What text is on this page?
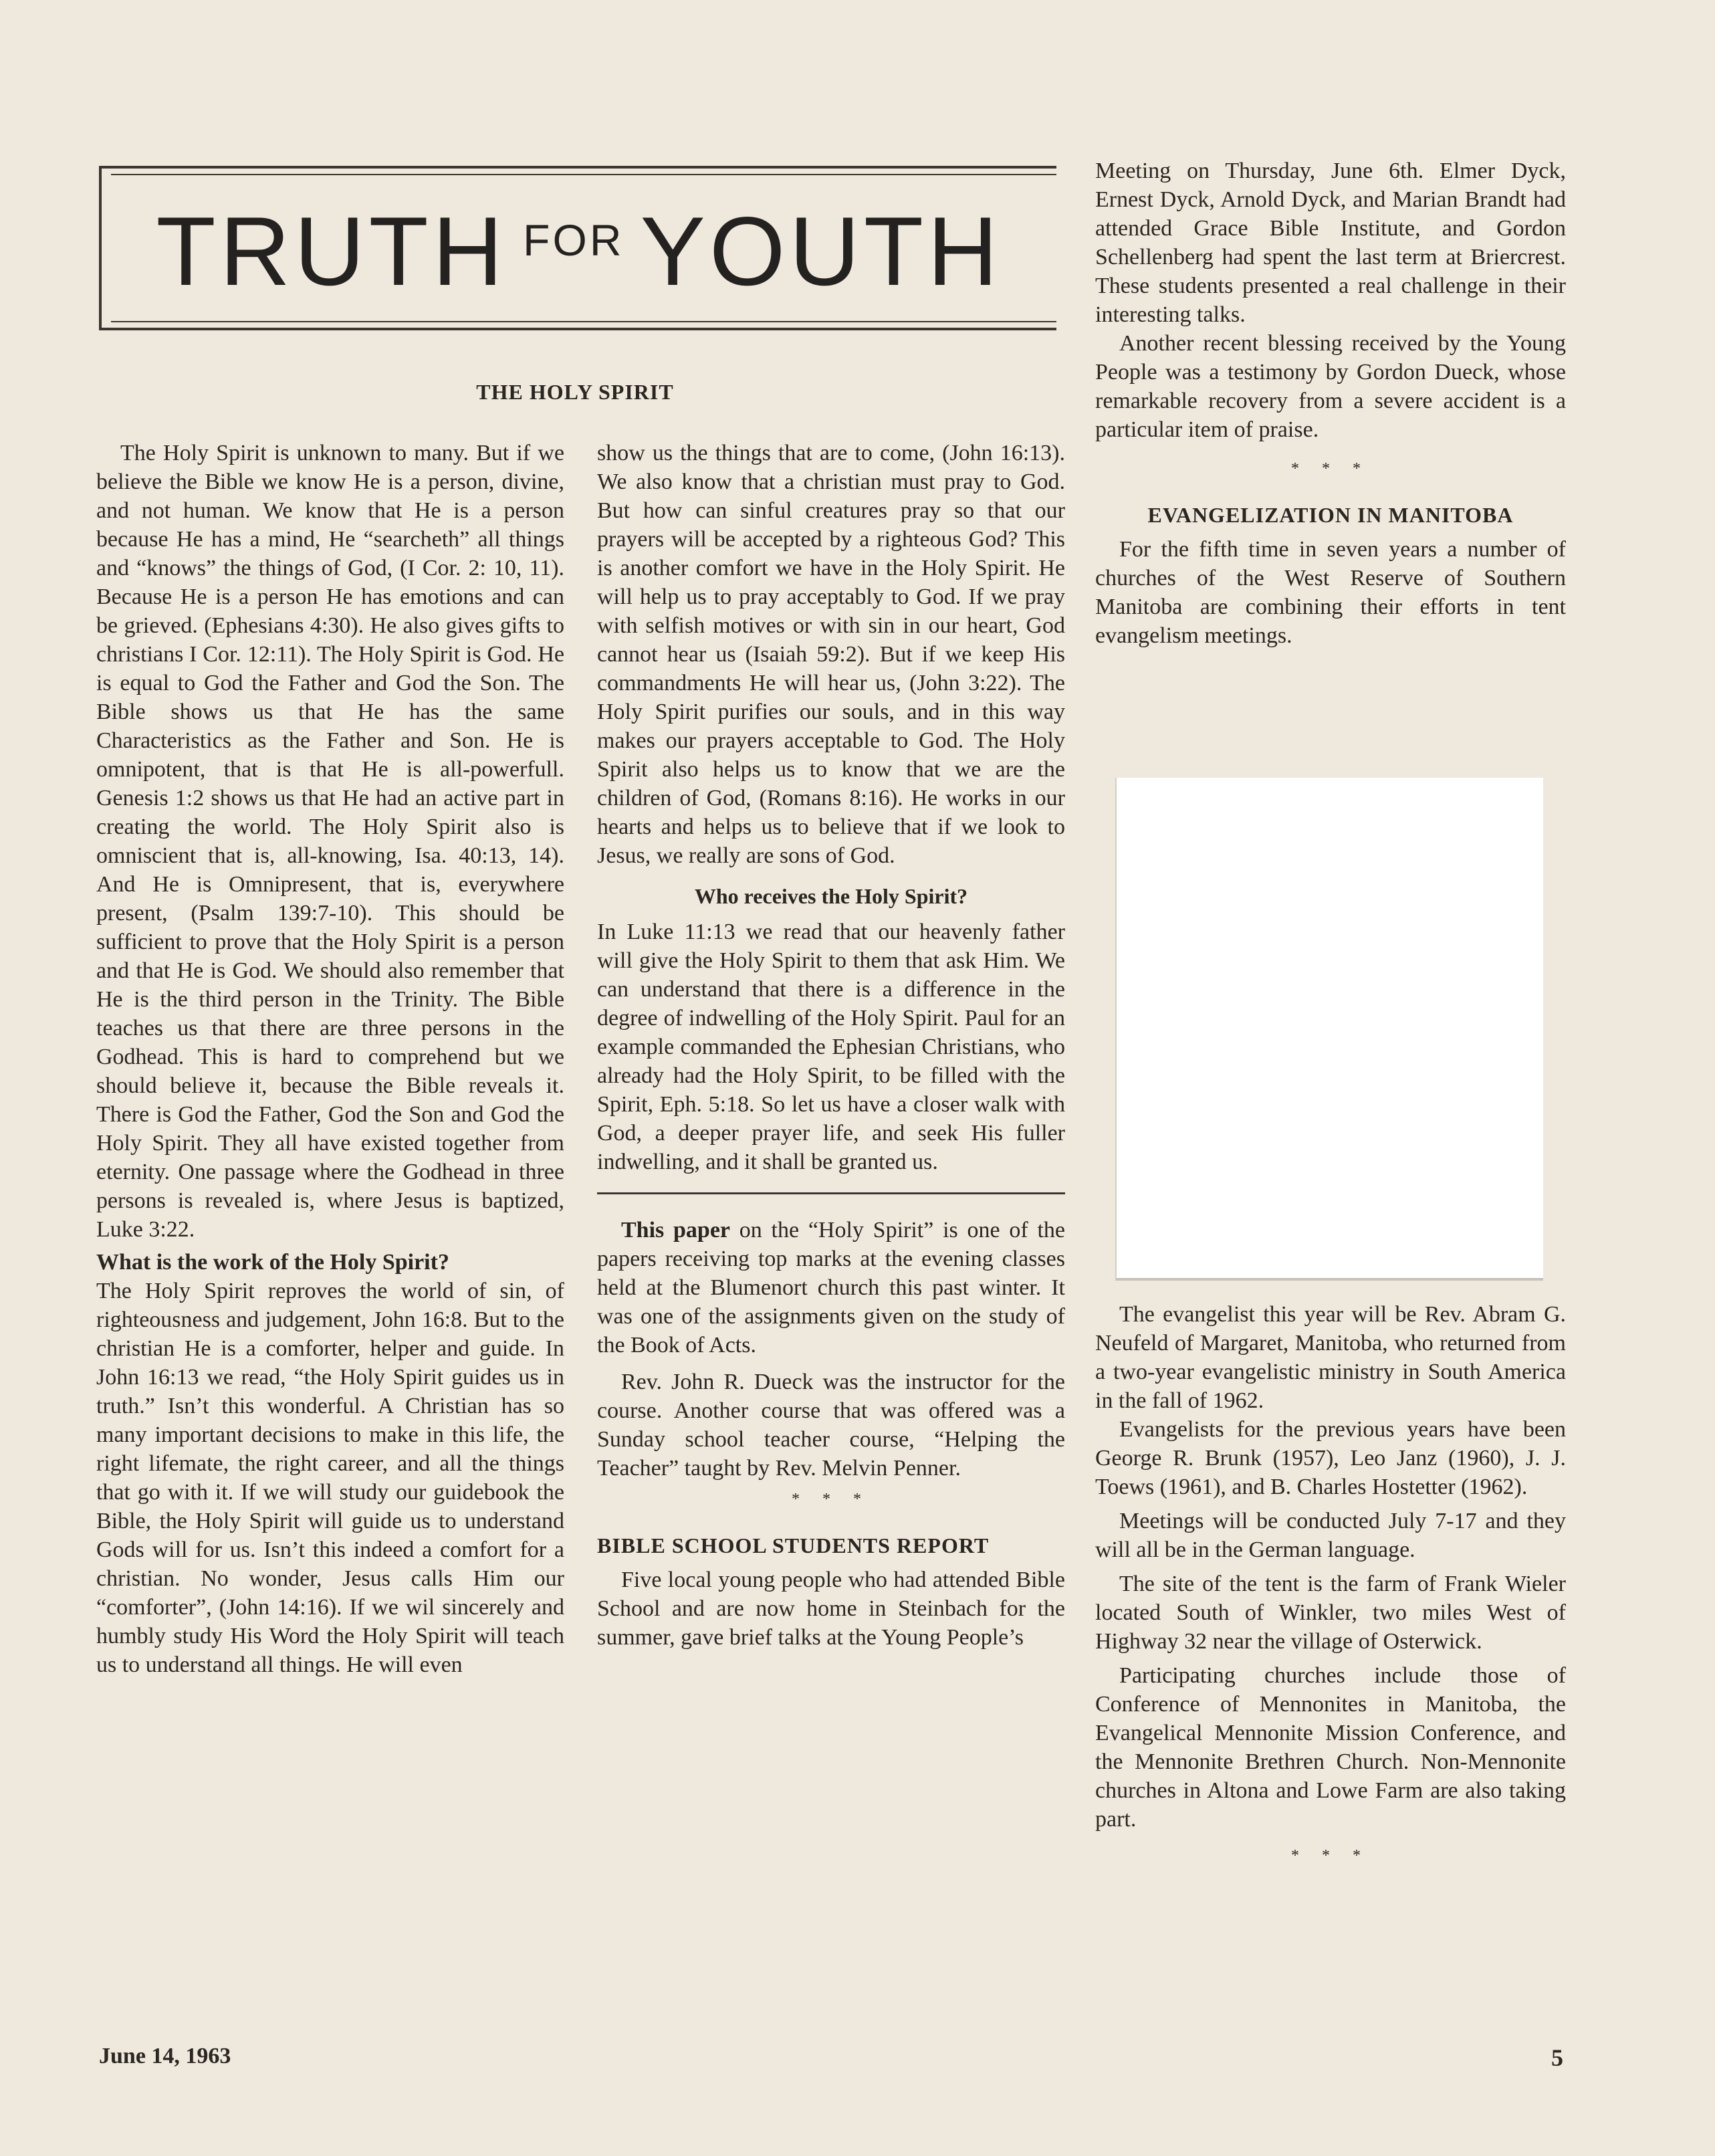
TRUTH $^{FOR}$ YOUTH
THE HOLY SPIRIT

The Holy Spirit is unknown to many. But if we believe the Bible we know He is a person, divine, and not human. We know that He is a person because He has a mind, He “searcheth” all things and “knows” the things of God, (I Cor. 2: 10, 11). Because He is a person He has emotions and can be grieved. (Ephesians 4:30). He also gives gifts to christians I Cor. 12:11). The Holy Spirit is God. He is equal to God the Father and God the Son. The Bible shows us that He has the same Characteristics as the Father and Son. He is omnipotent, that is that He is all-powerfull. Genesis 1:2 shows us that He had an active part in creating the world. The Holy Spirit also is omniscient that is, all-knowing, Isa. 40:13, 14). And He is Omnipresent, that is, everywhere present, (Psalm 139:7-10). This should be sufficient to prove that the Holy Spirit is a person and that He is God. We should also remember that He is the third person in the Trinity. The Bible teaches us that there are three persons in the Godhead. This is hard to comprehend but we should believe it, because the Bible reveals it. There is God the Father, God the Son and God the Holy Spirit. They all have existed together from eternity. One passage where the Godhead in three persons is revealed is, where Jesus is baptized, Luke 3:22.

What is the work of the Holy Spirit?
The Holy Spirit reproves the world of sin, of righteousness and judgement, John 16:8. But to the christian He is a comforter, helper and guide. In John 16:13 we read, “the Holy Spirit guides us in truth.” Isn’t this wonderful. A Christian has so many important decisions to make in this life, the right lifemate, the right career, and all the things that go with it. If we will study our guidebook the Bible, the Holy Spirit will guide us to understand Gods will for us. Isn’t this indeed a comfort for a christian. No wonder, Jesus calls Him our “comforter”, (John 14:16). If we wil sincerely and humbly study His Word the Holy Spirit will teach us to understand all things. He will even

show us the things that are to come, (John 16:13). We also know that a christian must pray to God. But how can sinful creatures pray so that our prayers will be accepted by a righteous God? This is another comfort we have in the Holy Spirit. He will help us to pray acceptably to God. If we pray with selfish motives or with sin in our heart, God cannot hear us (Isaiah 59:2). But if we keep His commandments He will hear us, (John 3:22). The Holy Spirit purifies our souls, and in this way makes our prayers acceptable to God. The Holy Spirit also helps us to know that we are the children of God, (Romans 8:16). He works in our hearts and helps us to believe that if we look to Jesus, we really are sons of God.

Who receives the Holy Spirit?

In Luke 11:13 we read that our heavenly father will give the Holy Spirit to them that ask Him. We can understand that there is a difference in the degree of indwelling of the Holy Spirit. Paul for an example commanded the Ephesian Christians, who already had the Holy Spirit, to be filled with the Spirit, Eph. 5:18. So let us have a closer walk with God, a deeper prayer life, and seek His fuller indwelling, and it shall be granted us.

This paper on the “Holy Spirit” is one of the papers receiving top marks at the evening classes held at the Blumenort church this past winter. It was one of the assignments given on the study of the Book of Acts.

Rev. John R. Dueck was the instructor for the course. Another course that was offered was a Sunday school teacher course, “Helping the Teacher” taught by Rev. Melvin Penner.

* * *
BIBLE SCHOOL STUDENTS REPORT

Five local young people who had attended Bible School and are now home in Steinbach for the summer, gave brief talks at the Young People’s

Meeting on Thursday, June 6th. Elmer Dyck, Ernest Dyck, Arnold Dyck, and Marian Brandt had attended Grace Bible Institute, and Gordon Schellenberg had spent the last term at Briercrest. These students presented a real challenge in their interesting talks.

Another recent blessing received by the Young People was a testimony by Gordon Dueck, whose remarkable recovery from a severe accident is a particular item of praise.

* * *
EVANGELIZATION IN MANITOBA

For the fifth time in seven years a number of churches of the West Reserve of Southern Manitoba are combining their efforts in tent evangelism meetings.

The evangelist this year will be Rev. Abram G. Neufeld of Margaret, Manitoba, who returned from a two-year evangelistic ministry in South America in the fall of 1962.

Evangelists for the previous years have been George R. Brunk (1957), Leo Janz (1960), J. J. Toews (1961), and B. Charles Hostetter (1962).

Meetings will be conducted July 7-17 and they will all be in the German language.

The site of the tent is the farm of Frank Wieler located South of Winkler, two miles West of Highway 32 near the village of Osterwick.

Participating churches include those of Conference of Mennonites in Manitoba, the Evangelical Mennonite Mission Conference, and the Mennonite Brethren Church. Non-Mennonite churches in Altona and Lowe Farm are also taking part.

* * *
June 14, 1963	5
